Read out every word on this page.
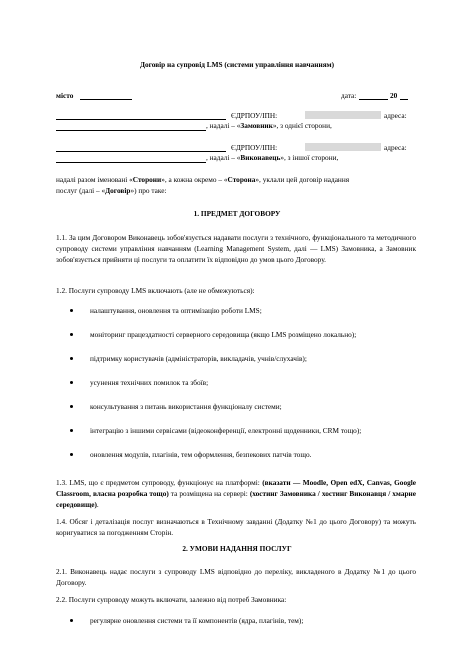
Договір на супровід LMS (системи управління навчанням)
місто	дата:	20
ЄДРПОУ/ІПН:	адреса:
, надалі – «Замовник», з однієї сторони,
ЄДРПОУ/ІПН:	адреса:
, надалі – «Виконавець», з іншої сторони,
надалі разом іменовані «Сторони», а кожна окремо – «Сторона», уклали цей договір надання
послуг (далі – «Договір») про таке:
1. ПРЕДМЕТ ДОГОВОРУ
1.1. За цим Договором Виконавець зобов'язується надавати послуги з технічного, функціонального та методичного супроводу системи управління навчанням (Learning Management System, далі — LMS) Замовника, а Замовник зобов'язується прийняти ці послуги та оплатити їх відповідно до умов цього Договору.
1.2. Послуги супроводу LMS включають (але не обмежуються):
налаштування, оновлення та оптимізацію роботи LMS;
моніторинг працездатності серверного середовища (якщо LMS розміщено локально);
підтримку користувачів (адміністраторів, викладачів, учнів/слухачів);
усунення технічних помилок та збоїв;
консультування з питань використання функціоналу системи;
інтеграцію з іншими сервісами (відеоконференції, електронні щоденники, CRM тощо);
оновлення модулів, плагінів, тем оформлення, безпекових патчів тощо.
1.3. LMS, що є предметом супроводу, функціонує на платформі: (вказати — Moodle, Open edX, Canvas, Google Classroom, власна розробка тощо) та розміщена на сервері: (хостинг Замовника / хостинг Виконавця / хмарне середовище).
1.4. Обсяг і деталізація послуг визначаються в Технічному завданні (Додатку №1 до цього Договору) та можуть коригуватися за погодженням Сторін.
2. УМОВИ НАДАННЯ ПОСЛУГ
2.1. Виконавець надає послуги з супроводу LMS відповідно до переліку, викладеного в Додатку №1 до цього Договору.
2.2. Послуги супроводу можуть включати, залежно від потреб Замовника:
регулярне оновлення системи та її компонентів (ядра, плагінів, тем);
